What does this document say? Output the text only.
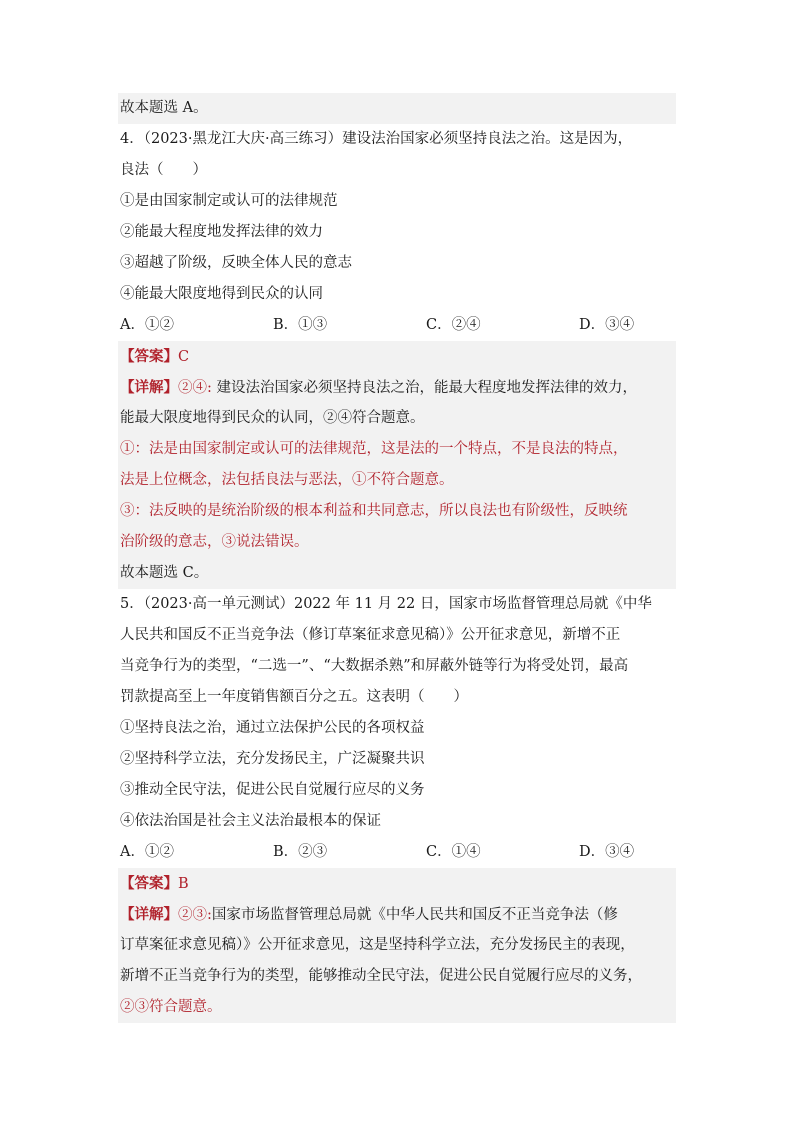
故本题选 A。
4．（2023·黑龙江大庆·高三练习）建设法治国家必须坚持良法之治。这是因为，
良法（　　）
①是由国家制定或认可的法律规范
②能最大程度地发挥法律的效力
③超越了阶级，反映全体人民的意志
④能最大限度地得到民众的认同
A．①②	B．①③	C．②④	D．③④
【答案】C
【详解】②④: 建设法治国家必须坚持良法之治，能最大程度地发挥法律的效力，
能最大限度地得到民众的认同，②④符合题意。
①：法是由国家制定或认可的法律规范，这是法的一个特点，不是良法的特点，
法是上位概念，法包括良法与恶法，①不符合题意。
③：法反映的是统治阶级的根本利益和共同意志，所以良法也有阶级性，反映统
治阶级的意志，③说法错误。
故本题选 C。
5．（2023·高一单元测试）2022 年 11 月 22 日，国家市场监督管理总局就《中华
人民共和国反不正当竞争法（修订草案征求意见稿）》公开征求意见，新增不正
当竞争行为的类型，“二选一”、“大数据杀熟”和屏蔽外链等行为将受处罚，最高
罚款提高至上一年度销售额百分之五。这表明（　　）
①坚持良法之治，通过立法保护公民的各项权益
②坚持科学立法，充分发扬民主，广泛凝聚共识
③推动全民守法，促进公民自觉履行应尽的义务
④依法治国是社会主义法治最根本的保证
A．①②	B．②③	C．①④	D．③④
【答案】B
【详解】②③:国家市场监督管理总局就《中华人民共和国反不正当竞争法（修
订草案征求意见稿）》公开征求意见，这是坚持科学立法，充分发扬民主的表现，
新增不正当竞争行为的类型，能够推动全民守法，促进公民自觉履行应尽的义务，
②③符合题意。
